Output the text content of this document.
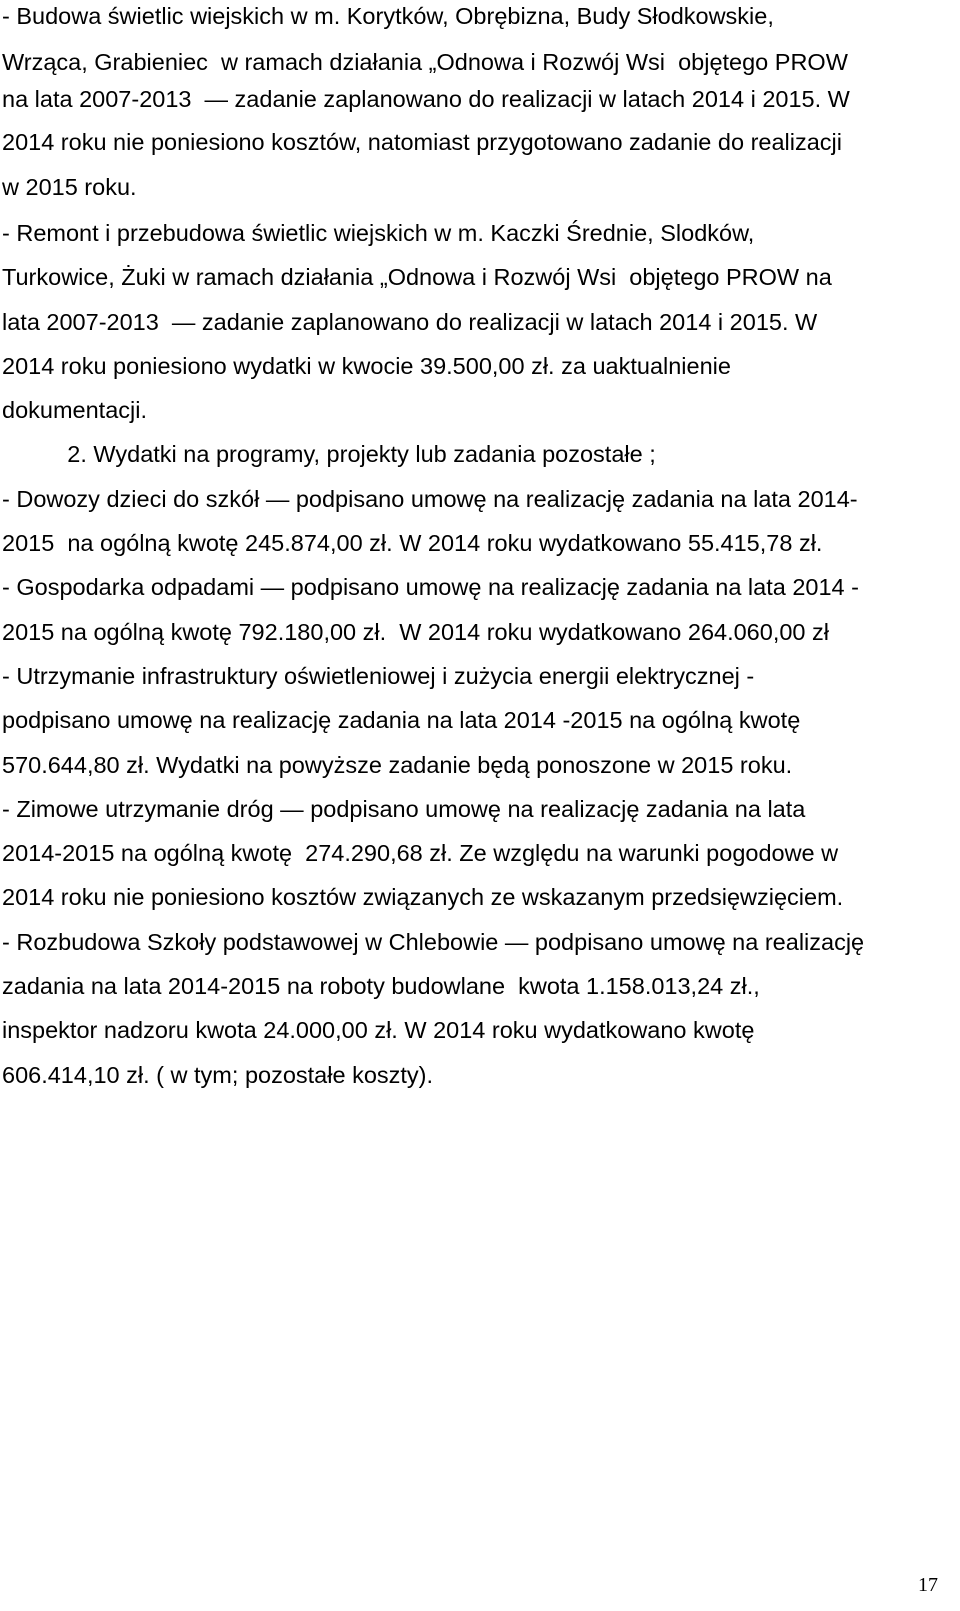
- Budowa świetlic wiejskich w m. Korytków, Obrębizna, Budy Słodkowskie,
Wrząca, Grabieniec  w ramach działania „Odnowa i Rozwój Wsi  objętego PROW
na lata 2007-2013  — zadanie zaplanowano do realizacji w latach 2014 i 2015. W
2014 roku nie poniesiono kosztów, natomiast przygotowano zadanie do realizacji
w 2015 roku.
- Remont i przebudowa świetlic wiejskich w m. Kaczki Średnie, Slodków,
Turkowice, Żuki w ramach działania „Odnowa i Rozwój Wsi  objętego PROW na
lata 2007-2013  — zadanie zaplanowano do realizacji w latach 2014 i 2015. W
2014 roku poniesiono wydatki w kwocie 39.500,00 zł. za uaktualnienie
dokumentacji.
2. Wydatki na programy, projekty lub zadania pozostałe ;
- Dowozy dzieci do szkół — podpisano umowę na realizację zadania na lata 2014-
2015  na ogólną kwotę 245.874,00 zł. W 2014 roku wydatkowano 55.415,78 zł.
- Gospodarka odpadami — podpisano umowę na realizację zadania na lata 2014 -
2015 na ogólną kwotę 792.180,00 zł.  W 2014 roku wydatkowano 264.060,00 zł
- Utrzymanie infrastruktury oświetleniowej i zużycia energii elektrycznej -
podpisano umowę na realizację zadania na lata 2014 -2015 na ogólną kwotę
570.644,80 zł. Wydatki na powyższe zadanie będą ponoszone w 2015 roku.
- Zimowe utrzymanie dróg — podpisano umowę na realizację zadania na lata
2014-2015 na ogólną kwotę  274.290,68 zł. Ze względu na warunki pogodowe w
2014 roku nie poniesiono kosztów związanych ze wskazanym przedsięwzięciem.
- Rozbudowa Szkoły podstawowej w Chlebowie — podpisano umowę na realizację
zadania na lata 2014-2015 na roboty budowlane  kwota 1.158.013,24 zł.,
inspektor nadzoru kwota 24.000,00 zł. W 2014 roku wydatkowano kwotę
606.414,10 zł. ( w tym; pozostałe koszty).
17
